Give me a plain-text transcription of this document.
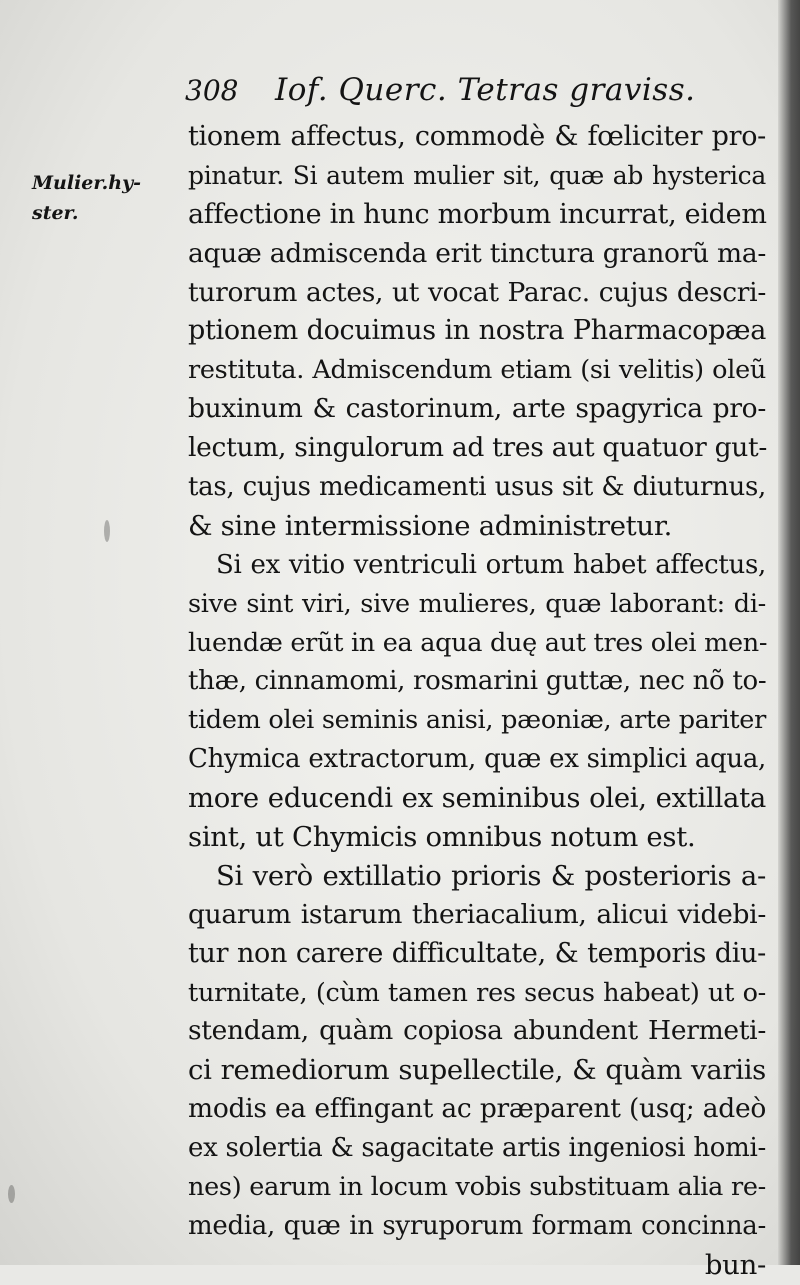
308 Iof. Querc. Tetras graviss.
Mulier.hy-
ster.
tionem affectus, commodè & fœliciter pro-
pinatur. Si autem mulier sit, quæ ab hysterica
affectione in hunc morbum incurrat, eidem
aquæ admiscenda erit tinctura granorũ ma-
turorum actes, ut vocat Parac. cujus descri-
ptionem docuimus in nostra Pharmacopæa
restituta. Admiscendum etiam (si velitis) oleũ
buxinum & castorinum, arte spagyrica pro-
lectum, singulorum ad tres aut quatuor gut-
tas, cujus medicamenti usus sit & diuturnus,
& sine intermissione administretur.
Si ex vitio ventriculi ortum habet affectus,
sive sint viri, sive mulieres, quæ laborant: di-
luendæ erũt in ea aqua duę aut tres olei men-
thæ, cinnamomi, rosmarini guttæ, nec nõ to-
tidem olei seminis anisi, pæoniæ, arte pariter
Chymica extractorum, quæ ex simplici aqua,
more educendi ex seminibus olei, extillata
sint, ut Chymicis omnibus notum est.
Si verò extillatio prioris & posterioris a-
quarum istarum theriacalium, alicui videbi-
tur non carere difficultate, & temporis diu-
turnitate, (cùm tamen res secus habeat) ut o-
stendam, quàm copiosa abundent Hermeti-
ci remediorum supellectile, & quàm variis
modis ea effingant ac præparent (usq; adeò
ex solertia & sagacitate artis ingeniosi homi-
nes) earum in locum vobis substituam alia re-
media, quæ in syruporum formam concinna-
bun-
